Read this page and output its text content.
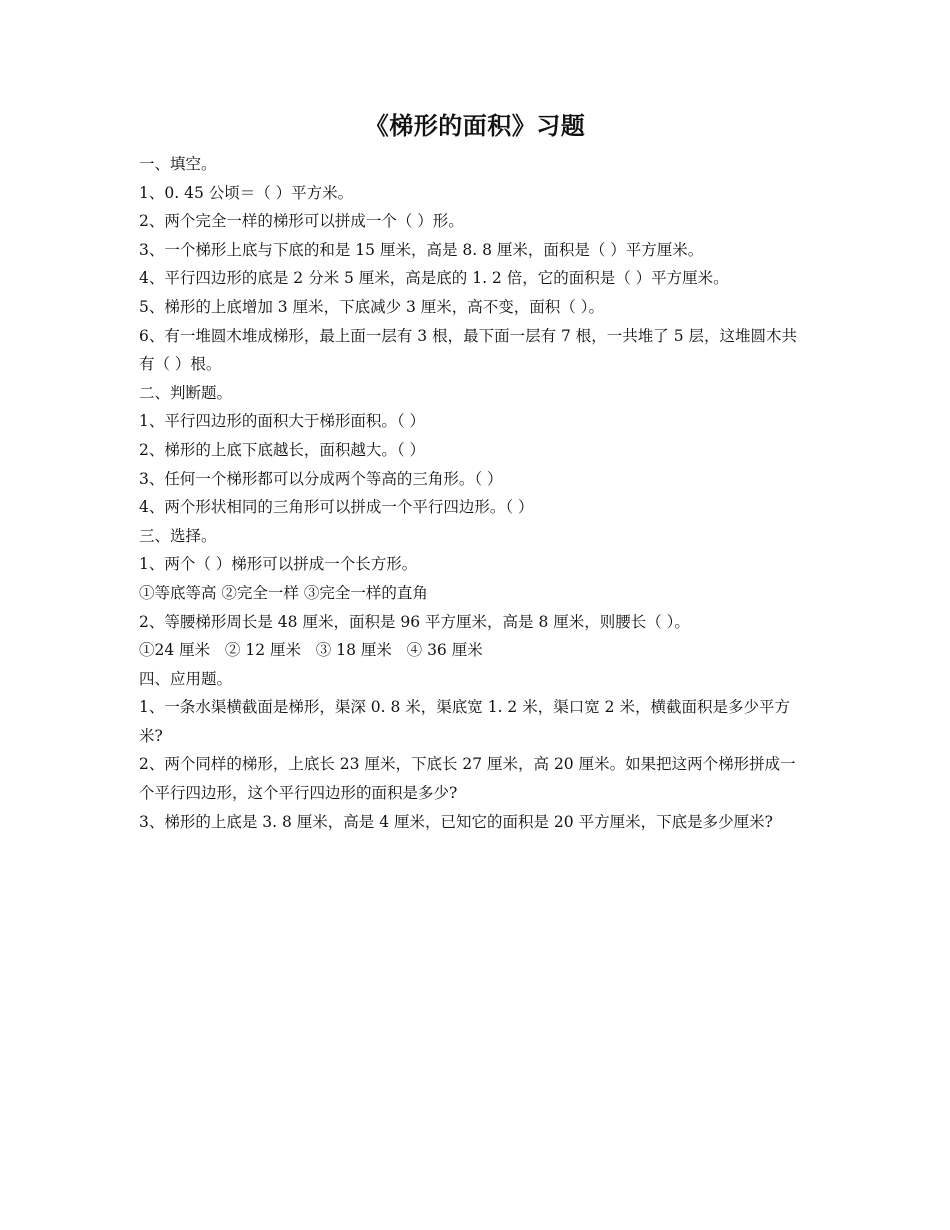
《梯形的面积》习题
一、填空。
1、0. 45 公顷＝（ ）平方米。
2、两个完全一样的梯形可以拼成一个（ ）形。
3、一个梯形上底与下底的和是 15 厘米，高是 8. 8 厘米，面积是（ ）平方厘米。
4、平行四边形的底是 2 分米 5 厘米，高是底的 1. 2 倍，它的面积是（ ）平方厘米。
5、梯形的上底增加 3 厘米，下底减少 3 厘米，高不变，面积（ ）。
6、有一堆圆木堆成梯形，最上面一层有 3 根，最下面一层有 7 根，一共堆了 5 层，这堆圆木共有（ ）根。
二、判断题。
1、平行四边形的面积大于梯形面积。（ ）
2、梯形的上底下底越长，面积越大。（ ）
3、任何一个梯形都可以分成两个等高的三角形。（ ）
4、两个形状相同的三角形可以拼成一个平行四边形。（ ）
三、选择。
1、两个（ ）梯形可以拼成一个长方形。
①等底等高 ②完全一样 ③完全一样的直角
2、等腰梯形周长是 48 厘米，面积是 96 平方厘米，高是 8 厘米，则腰长（ ）。
①24 厘米   ② 12 厘米   ③ 18 厘米   ④ 36 厘米
四、应用题。
1、一条水渠横截面是梯形，渠深 0. 8 米，渠底宽 1. 2 米，渠口宽 2 米，横截面积是多少平方米?
2、两个同样的梯形，上底长 23 厘米，下底长 27 厘米，高 20 厘米。如果把这两个梯形拼成一个平行四边形，这个平行四边形的面积是多少?
3、梯形的上底是 3. 8 厘米，高是 4 厘米，已知它的面积是 20 平方厘米，下底是多少厘米?
